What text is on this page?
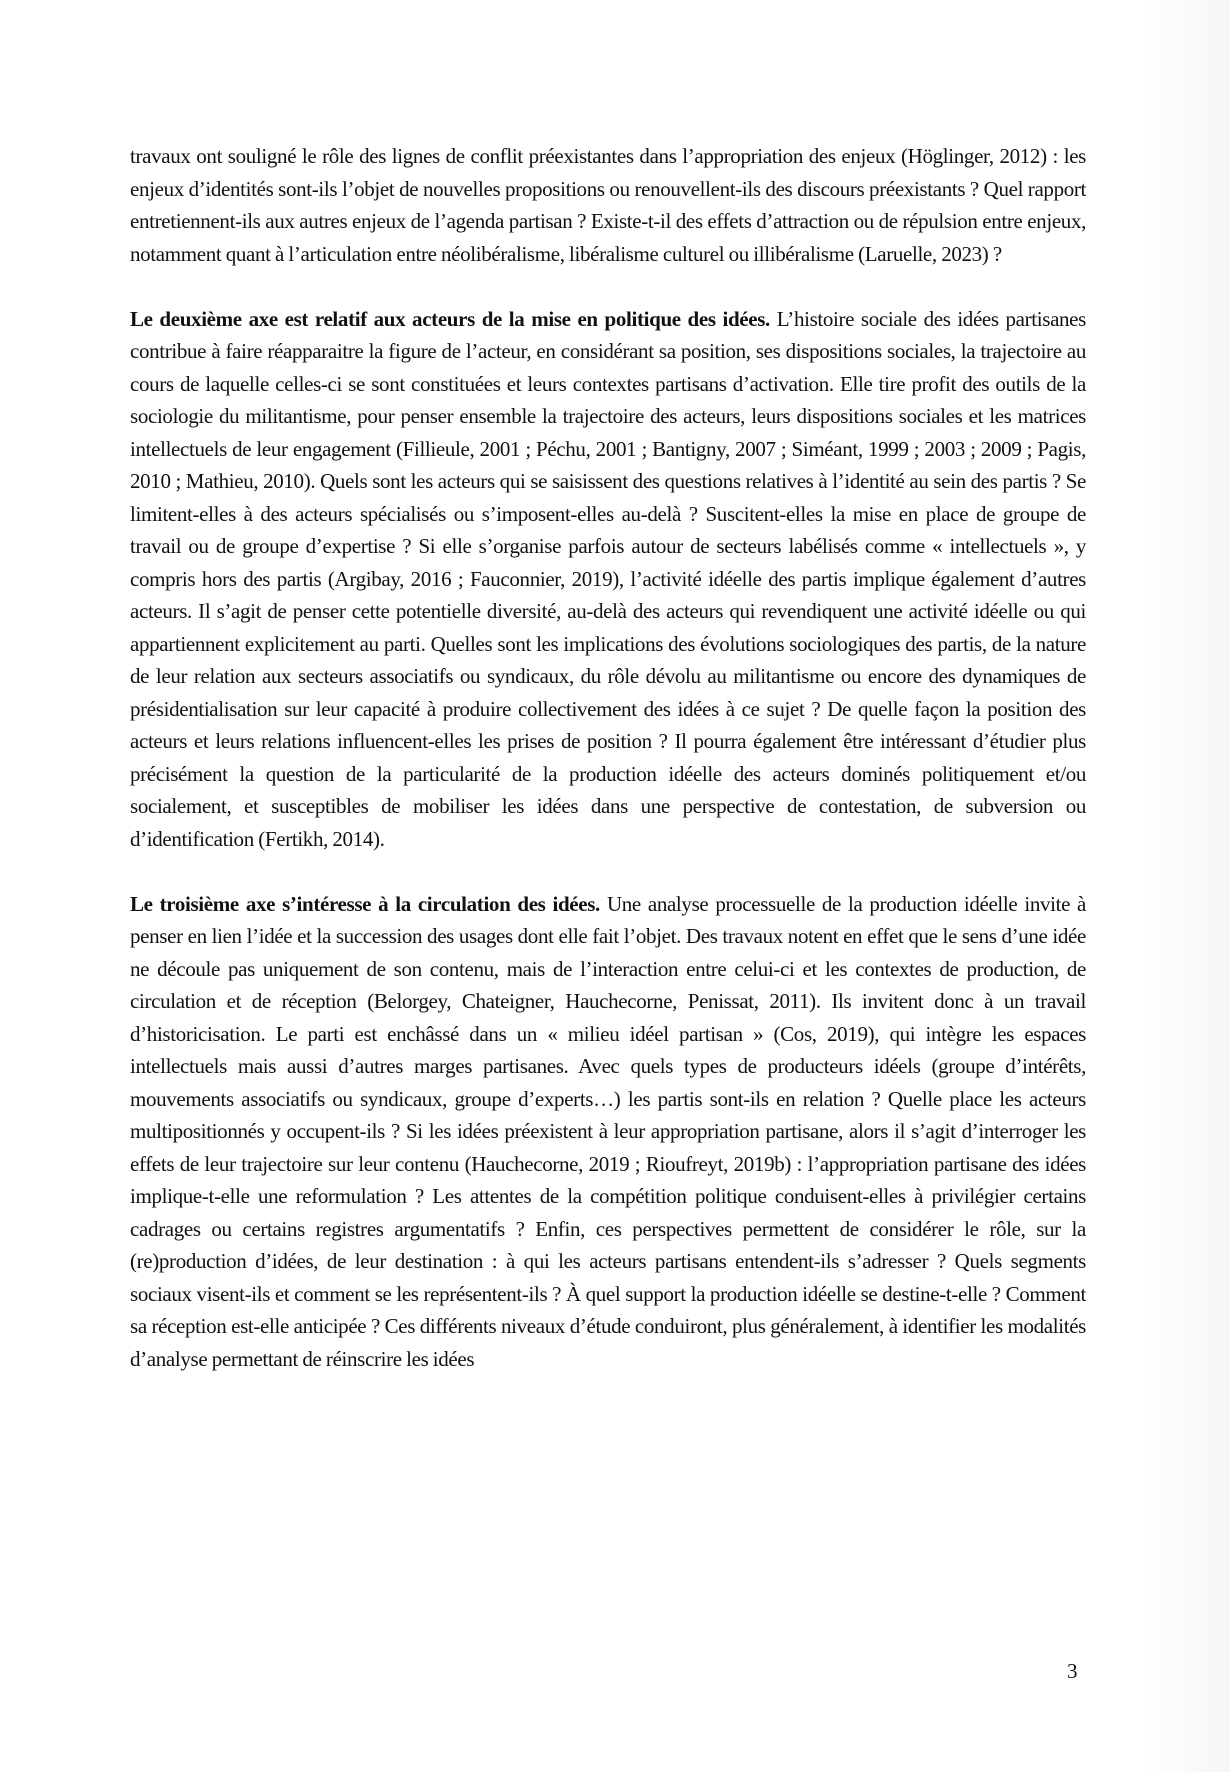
travaux ont souligné le rôle des lignes de conflit préexistantes dans l’appropriation des enjeux (Höglinger, 2012) : les enjeux d’identités sont-ils l’objet de nouvelles propositions ou renouvellent-ils des discours préexistants ? Quel rapport entretiennent-ils aux autres enjeux de l’agenda partisan ? Existe-t-il des effets d’attraction ou de répulsion entre enjeux, notamment quant à l’articulation entre néolibéralisme, libéralisme culturel ou illibéralisme (Laruelle, 2023) ?

Le deuxième axe est relatif aux acteurs de la mise en politique des idées. L’histoire sociale des idées partisanes contribue à faire réapparaitre la figure de l’acteur, en considérant sa position, ses dispositions sociales, la trajectoire au cours de laquelle celles-ci se sont constituées et leurs contextes partisans d’activation. Elle tire profit des outils de la sociologie du militantisme, pour penser ensemble la trajectoire des acteurs, leurs dispositions sociales et les matrices intellectuels de leur engagement (Fillieule, 2001 ; Péchu, 2001 ; Bantigny, 2007 ; Siméant, 1999 ; 2003 ; 2009 ; Pagis, 2010 ; Mathieu, 2010). Quels sont les acteurs qui se saisissent des questions relatives à l’identité au sein des partis ? Se limitent-elles à des acteurs spécialisés ou s’imposent-elles au-delà ? Suscitent-elles la mise en place de groupe de travail ou de groupe d’expertise ? Si elle s’organise parfois autour de secteurs labélisés comme « intellectuels », y compris hors des partis (Argibay, 2016 ; Fauconnier, 2019), l’activité idéelle des partis implique également d’autres acteurs. Il s’agit de penser cette potentielle diversité, au-delà des acteurs qui revendiquent une activité idéelle ou qui appartiennent explicitement au parti. Quelles sont les implications des évolutions sociologiques des partis, de la nature de leur relation aux secteurs associatifs ou syndicaux, du rôle dévolu au militantisme ou encore des dynamiques de présidentialisation sur leur capacité à produire collectivement des idées à ce sujet ? De quelle façon la position des acteurs et leurs relations influencent-elles les prises de position ? Il pourra également être intéressant d’étudier plus précisément la question de la particularité de la production idéelle des acteurs dominés politiquement et/ou socialement, et susceptibles de mobiliser les idées dans une perspective de contestation, de subversion ou d’identification (Fertikh, 2014).

Le troisième axe s’intéresse à la circulation des idées. Une analyse processuelle de la production idéelle invite à penser en lien l’idée et la succession des usages dont elle fait l’objet. Des travaux notent en effet que le sens d’une idée ne découle pas uniquement de son contenu, mais de l’interaction entre celui-ci et les contextes de production, de circulation et de réception (Belorgey, Chateigner, Hauchecorne, Penissat, 2011). Ils invitent donc à un travail d’historicisation. Le parti est enchâssé dans un « milieu idéel partisan » (Cos, 2019), qui intègre les espaces intellectuels mais aussi d’autres marges partisanes. Avec quels types de producteurs idéels (groupe d’intérêts, mouvements associatifs ou syndicaux, groupe d’experts…) les partis sont-ils en relation ? Quelle place les acteurs multipositionnés y occupent-ils ? Si les idées préexistent à leur appropriation partisane, alors il s’agit d’interroger les effets de leur trajectoire sur leur contenu (Hauchecorne, 2019 ; Rioufreyt, 2019b) : l’appropriation partisane des idées implique-t-elle une reformulation ? Les attentes de la compétition politique conduisent-elles à privilégier certains cadrages ou certains registres argumentatifs ? Enfin, ces perspectives permettent de considérer le rôle, sur la (re)production d’idées, de leur destination : à qui les acteurs partisans entendent-ils s’adresser ? Quels segments sociaux visent-ils et comment se les représentent-ils ? À quel support la production idéelle se destine-t-elle ? Comment sa réception est-elle anticipée ? Ces différents niveaux d’étude conduiront, plus généralement, à identifier les modalités d’analyse permettant de réinscrire les idées

3
